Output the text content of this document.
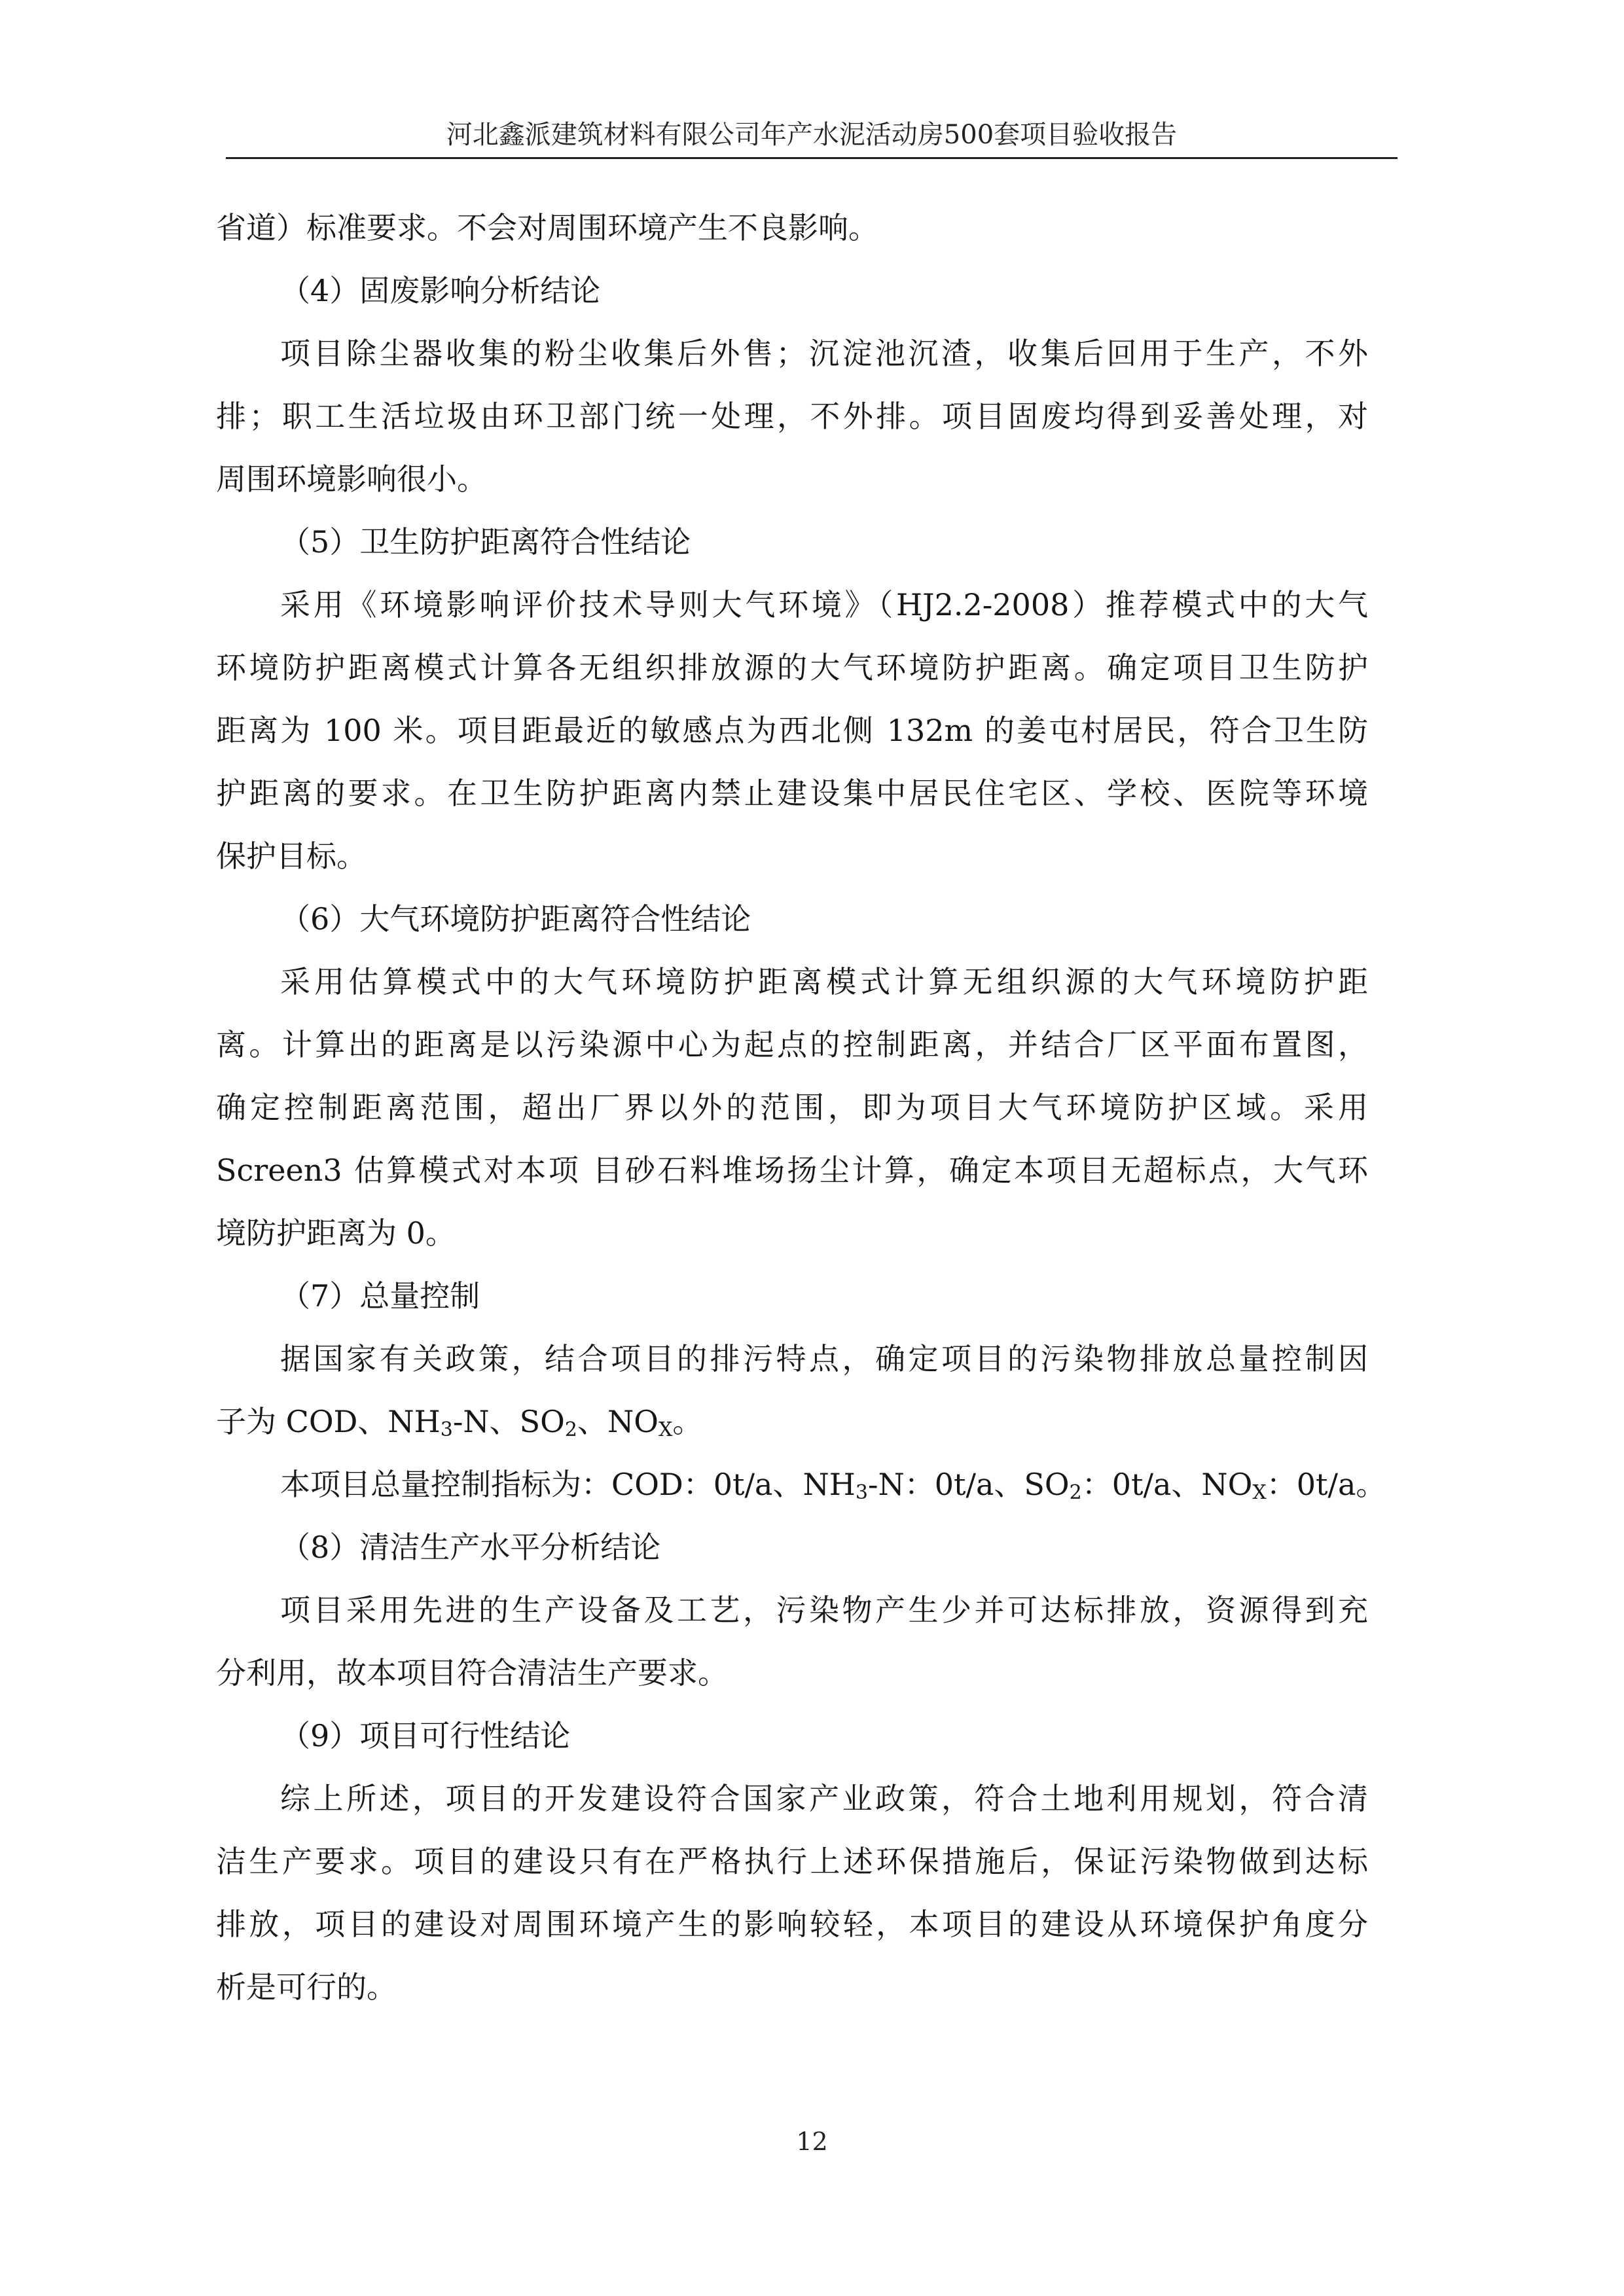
河北鑫派建筑材料有限公司年产水泥活动房500套项目验收报告
省道）标准要求。不会对周围环境产生不良影响。
（4）固废影响分析结论
项目除尘器收集的粉尘收集后外售；沉淀池沉渣，收集后回用于生产，不外
排；职工生活垃圾由环卫部门统一处理，不外排。项目固废均得到妥善处理，对
周围环境影响很小。
（5）卫生防护距离符合性结论
采用《环境影响评价技术导则大气环境》（HJ2.2-2008）推荐模式中的大气
环境防护距离模式计算各无组织排放源的大气环境防护距离。确定项目卫生防护
距离为 100 米。项目距最近的敏感点为西北侧 132m 的姜屯村居民，符合卫生防
护距离的要求。在卫生防护距离内禁止建设集中居民住宅区、学校、医院等环境
保护目标。
（6）大气环境防护距离符合性结论
采用估算模式中的大气环境防护距离模式计算无组织源的大气环境防护距
离。计算出的距离是以污染源中心为起点的控制距离，并结合厂区平面布置图，
确定控制距离范围，超出厂界以外的范围，即为项目大气环境防护区域。采用
Screen3 估算模式对本项 目砂石料堆场扬尘计算，确定本项目无超标点，大气环
境防护距离为 0。
（7）总量控制
据国家有关政策，结合项目的排污特点，确定项目的污染物排放总量控制因
子为 COD、$NH_3-N$、$SO_2$、$NO_X$。
本项目总量控制指标为：COD：0t/a、$NH_3-N$：0t/a、$SO_2$：0t/a、$NO_X$：0t/a。
（8）清洁生产水平分析结论
项目采用先进的生产设备及工艺，污染物产生少并可达标排放，资源得到充
分利用，故本项目符合清洁生产要求。
（9）项目可行性结论
综上所述，项目的开发建设符合国家产业政策，符合土地利用规划，符合清
洁生产要求。项目的建设只有在严格执行上述环保措施后，保证污染物做到达标
排放，项目的建设对周围环境产生的影响较轻，本项目的建设从环境保护角度分
析是可行的。
12
